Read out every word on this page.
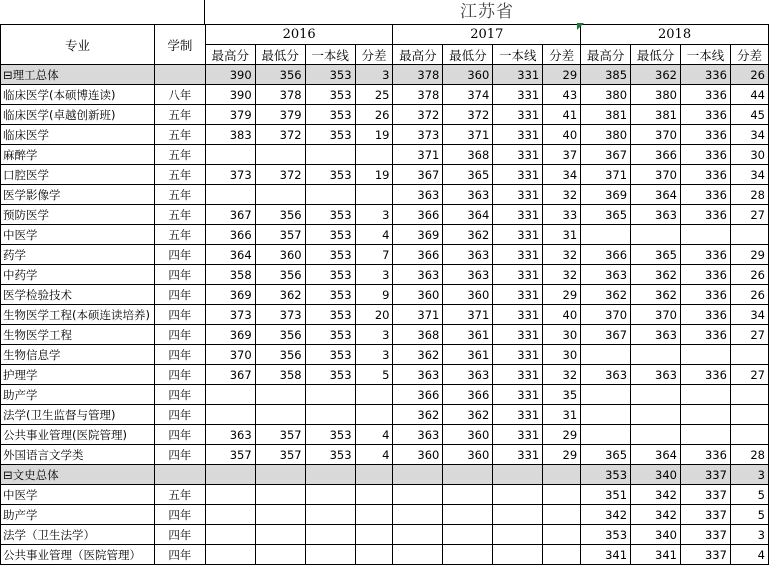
江苏省
专业	学制	2016				2017				2018			
		最高分	最低分	一本线	分差	最高分	最低分	一本线	分差	最高分	最低分	一本线	分差
⊟理工总体		390	356	353	3	378	360	331	29	385	362	336	26
临床医学(本硕博连读)	八年	390	378	353	25	378	374	331	43	380	380	336	44
临床医学(卓越创新班)	五年	379	379	353	26	372	372	331	41	381	381	336	45
临床医学	五年	383	372	353	19	373	371	331	40	380	370	336	34
麻醉学	五年					371	368	331	37	367	366	336	30
口腔医学	五年	373	372	353	19	367	365	331	34	371	370	336	34
医学影像学	五年					363	363	331	32	369	364	336	28
预防医学	五年	367	356	353	3	366	364	331	33	365	363	336	27
中医学	五年	366	357	353	4	369	362	331	31				
药学	四年	364	360	353	7	366	363	331	32	366	365	336	29
中药学	四年	358	356	353	3	363	363	331	32	363	362	336	26
医学检验技术	四年	369	362	353	9	360	360	331	29	362	362	336	26
生物医学工程(本硕连读培养)	四年	373	373	353	20	371	371	331	40	370	370	336	34
生物医学工程	四年	369	356	353	3	368	361	331	30	367	363	336	27
生物信息学	四年	370	356	353	3	362	361	331	30				
护理学	四年	367	358	353	5	363	363	331	32	363	363	336	27
助产学	四年					366	366	331	35				
法学(卫生监督与管理)	四年					362	362	331	31				
公共事业管理(医院管理)	四年	363	357	353	4	363	360	331	29				
外国语言文学类	四年	357	357	353	4	360	360	331	29	365	364	336	28
⊟文史总体										353	340	337	3
中医学	五年									351	342	337	5
助产学	四年									342	342	337	5
法学（卫生法学）	四年									353	340	337	3
公共事业管理（医院管理）	四年									341	341	337	4
